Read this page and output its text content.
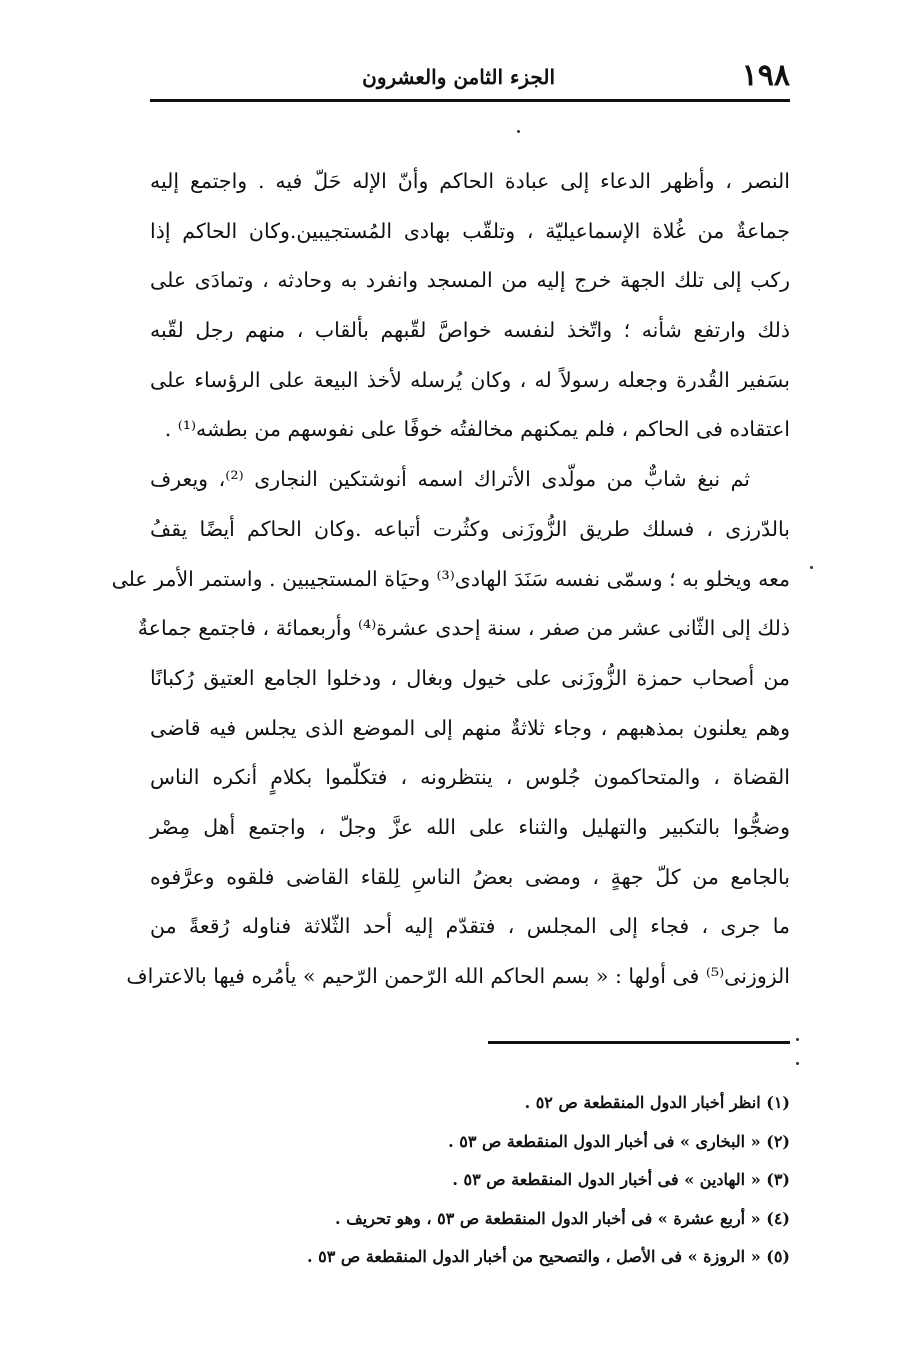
١٩٨
الجزء الثامن والعشرون
النصر ، وأظهر الدعاء إلى عبادة الحاكم وأنّ الإله حَلّ فيه . واجتمع إليه
جماعةٌ من غُلاة الإسماعيليّة ، وتلقّب بهادى المُستجيبين.وكان الحاكم إذا
ركب إلى تلك الجهة خرج إليه من المسجد وانفرد به وحادثه ، وتمادَى على
ذلك وارتفع شأنه ؛ واتّخذ لنفسه خواصَّ لقّبهم بألقاب ، منهم رجل لقّبه
بسَفير القُدرة وجعله رسولاً له ، وكان يُرسله لأخذ البيعة على الرؤساء على
اعتقاده فى الحاكم ، فلم يمكنهم مخالفتُه خوفًا على نفوسهم من بطشه⁽¹⁾ .
ثم نبغ شابٌّ من مولّدى الأتراك اسمه أنوشتكين النجارى ⁽²⁾، ويعرف
بالدّرزى ، فسلك طريق الزُّوزَنى وكثُرت أتباعه .وكان الحاكم أيضًا يقفُ
معه ويخلو به ؛ وسمّى نفسه سَنَدَ الهادى⁽³⁾ وحيَاة المستجيبين . واستمر الأمر على
ذلك إلى الثّانى عشر من صفر ، سنة إحدى عشرة⁽⁴⁾ وأربعمائة ، فاجتمع جماعةٌ
من أصحاب حمزة الزُّوزَنى على خيول وبغال ، ودخلوا الجامع العتيق رُكبانًا
وهم يعلنون بمذهبهم ، وجاء ثلاثةٌ منهم إلى الموضع الذى يجلس فيه قاضى
القضاة ، والمتحاكمون جُلوس ، ينتظرونه ، فتكلّموا بكلامٍ أنكره الناس
وضجُّوا بالتكبير والتهليل والثناء على الله عزَّ وجلّ ، واجتمع أهل مِصْر
بالجامع من كلّ جهةٍ ، ومضى بعضُ الناسِ لِلقاء القاضى فلقوه وعرَّفوه
ما جرى ، فجاء إلى المجلس ، فتقدّم إليه أحد الثّلاثة فناوله رُقعةً من
الزوزنى⁽⁵⁾ فى أولها : « بسم الحاكم الله الرّحمن الرّحيم » يأمُره فيها بالاعتراف
(١) انظر أخبار الدول المنقطعة ص ٥٢ .
(٢) « البخارى » فى أخبار الدول المنقطعة ص ٥٣ .
(٣) « الهادين » فى أخبار الدول المنقطعة ص ٥٣ .
(٤) « أربع عشرة » فى أخبار الدول المنقطعة ص ٥٣ ، وهو تحريف .
(٥) « الروزة » فى الأصل ، والتصحيح من أخبار الدول المنقطعة ص ٥٣ .
